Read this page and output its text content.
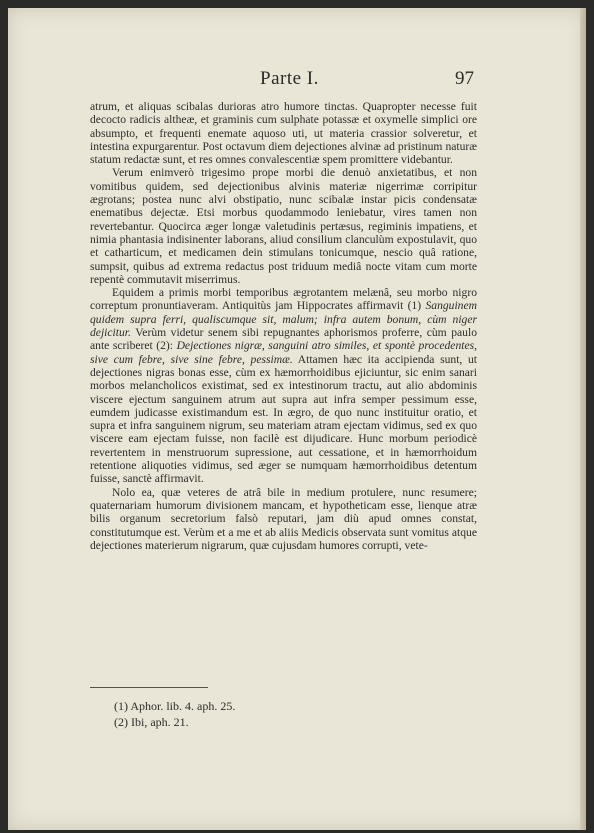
Parte I.	97

atrum, et aliquas scibalas durioras atro humore tinctas. Quapropter necesse fuit decocto radicis altheæ, et graminis cum sulphate potassæ et oxymelle simplici ore absumpto, et frequenti enemate aquoso uti, ut materia crassior solveretur, et intestina expurgarentur. Post octavum diem dejectiones alvinæ ad pristinum naturæ statum redactæ sunt, et res omnes convalescentiæ spem promittere videbantur.

Verum enimverò trigesimo prope morbi die denuò anxietatibus, et non vomitibus quidem, sed dejectionibus alvinis materiæ nigerrimæ corripitur ægrotans; postea nunc alvi obstipatio, nunc scibalæ instar picis condensatæ enematibus dejectæ. Etsi morbus quodammodo leniebatur, vires tamen non revertebantur. Quocirca æger longæ valetudinis pertæsus, regiminis impatiens, et nimia phantasia indisinenter laborans, aliud consilium clanculùm expostulavit, quo et catharticum, et medicamen dein stimulans tonicumque, nescio quâ ratione, sumpsit, quibus ad extrema redactus post triduum mediâ nocte vitam cum morte repentè commutavit miserrimus.

Equidem a primis morbi temporibus ægrotantem melænâ, seu morbo nigro correptum pronuntiaveram. Antiquitùs jam Hippocrates affirmavit (1) Sanguinem quidem supra ferri, qualiscumque sit, malum; infra autem bonum, cùm niger dejicitur. Verùm videtur senem sibi repugnantes aphorismos proferre, cùm paulo ante scriberet (2): Dejectiones nigræ, sanguini atro similes, et spontè procedentes, sive cum febre, sive sine febre, pessimæ. Attamen hæc ita accipienda sunt, ut dejectiones nigras bonas esse, cùm ex hæmorrhoidibus ejiciuntur, sic enim sanari morbos melancholicos existimat, sed ex intestinorum tractu, aut alio abdominis viscere ejectum sanguinem atrum aut supra aut infra semper pessimum esse, eumdem judicasse existimandum est. In ægro, de quo nunc instituitur oratio, et supra et infra sanguinem nigrum, seu materiam atram ejectam vidimus, sed ex quo viscere eam ejectam fuisse, non facilè est dijudicare. Hunc morbum periodicè revertentem in menstruorum supressione, aut cessatione, et in hæmorrhoidum retentione aliquoties vidimus, sed æger se numquam hæmorrhoidibus detentum fuisse, sanctè affirmavit.

Nolo ea, quæ veteres de atrâ bile in medium protulere, nunc resumere; quaternariam humorum divisionem mancam, et hypotheticam esse, lienque atræ bilis organum secretorium falsò reputari, jam diù apud omnes constat, constitutumque est. Verùm et a me et ab aliis Medicis observata sunt vomitus atque dejectiones materierum nigrarum, quæ cujusdam humores corrupti, vete-

(1) Aphor. lib. 4. aph. 25.
(2) Ibi, aph. 21.
